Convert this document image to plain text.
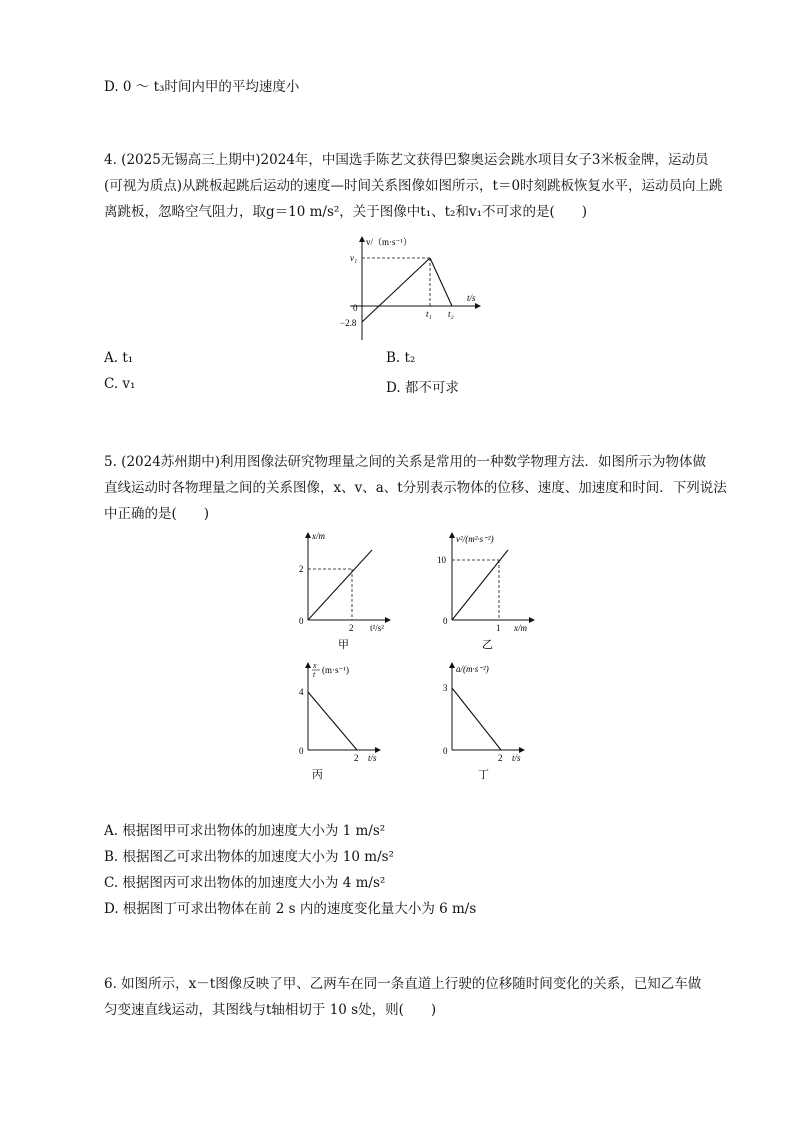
D. 0 ～ t₃时间内甲的平均速度小
4. (2025无锡高三上期中)2024年，中国选手陈艺文获得巴黎奥运会跳水项目女子3米板金牌，运动员
(可视为质点)从跳板起跳后运动的速度—时间关系图像如图所示，t＝0时刻跳板恢复水平，运动员向上跳
离跳板，忽略空气阻力，取g＝10 m/s²，关于图像中t₁、t₂和v₁不可求的是(　　)
v/（m·s⁻¹）
t/s
v₁
0
−2.8
t₁ t₂
A. t₁	B. t₂
C. v₁	D. 都不可求
5. (2024苏州期中)利用图像法研究物理量之间的关系是常用的一种数学物理方法．如图所示为物体做
直线运动时各物理量之间的关系图像，x、v、a、t分别表示物体的位移、速度、加速度和时间．下列说法
中正确的是(　　)
x/m
t²/s²
2
2
0
甲
v²/(m²·s⁻²)
x/m
10
1
0
乙
x
t (m·s⁻¹)
t/s
4
2
0
丙
a/(m·s⁻²)
t/s
3
2
0
丁
A. 根据图甲可求出物体的加速度大小为 1 m/s²
B. 根据图乙可求出物体的加速度大小为 10 m/s²
C. 根据图丙可求出物体的加速度大小为 4 m/s²
D. 根据图丁可求出物体在前 2 s 内的速度变化量大小为 6 m/s
6. 如图所示，x－t图像反映了甲、乙两车在同一条直道上行驶的位移随时间变化的关系，已知乙车做
匀变速直线运动，其图线与t轴相切于 10 s处，则(　　)
